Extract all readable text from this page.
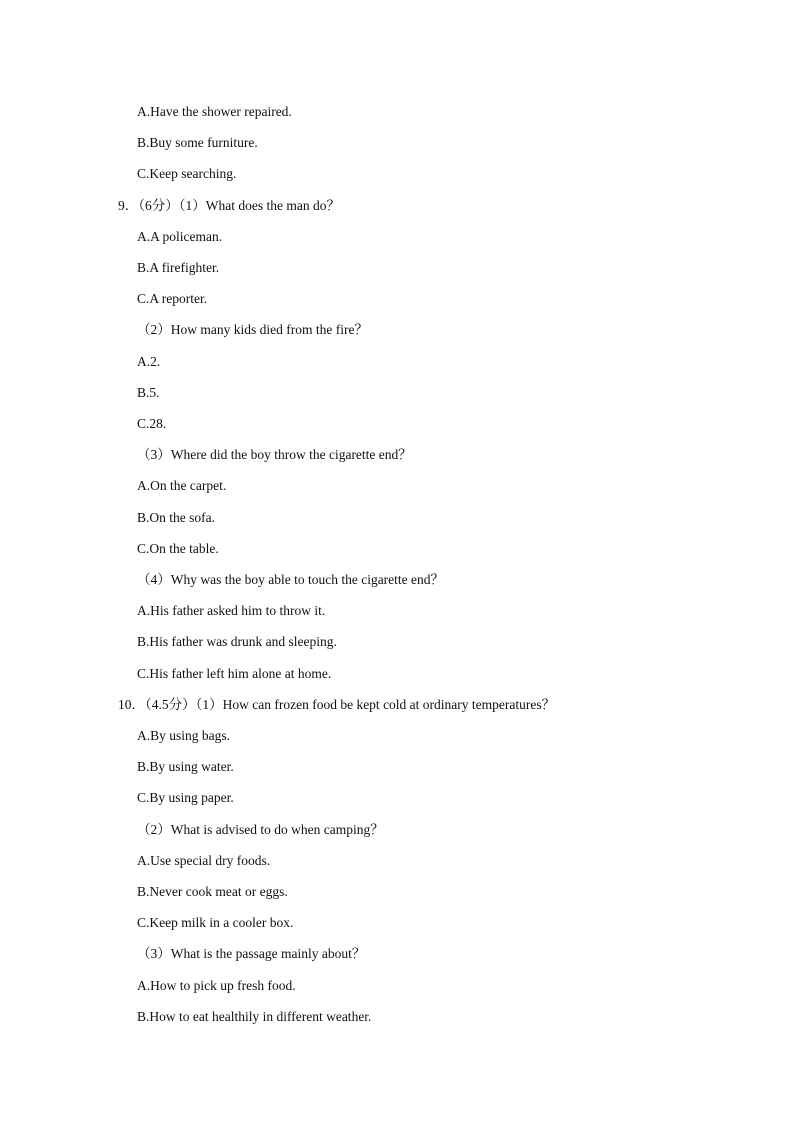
A.Have the shower repaired.
B.Buy some furniture.
C.Keep searching.
9．（6分）（1）What does the man do？
A.A policeman.
B.A firefighter.
C.A reporter.
（2）How many kids died from the fire？
A.2.
B.5.
C.28.
（3）Where did the boy throw the cigarette end？
A.On the carpet.
B.On the sofa.
C.On the table.
（4）Why was the boy able to touch the cigarette end？
A.His father asked him to throw it.
B.His father was drunk and sleeping.
C.His father left him alone at home.
10．（4.5分）（1）How can frozen food be kept cold at ordinary temperatures？
A.By using bags.
B.By using water.
C.By using paper.
（2）What is advised to do when camping？
A.Use special dry foods.
B.Never cook meat or eggs.
C.Keep milk in a cooler box.
（3）What is the passage mainly about？
A.How to pick up fresh food.
B.How to eat healthily in different weather.
